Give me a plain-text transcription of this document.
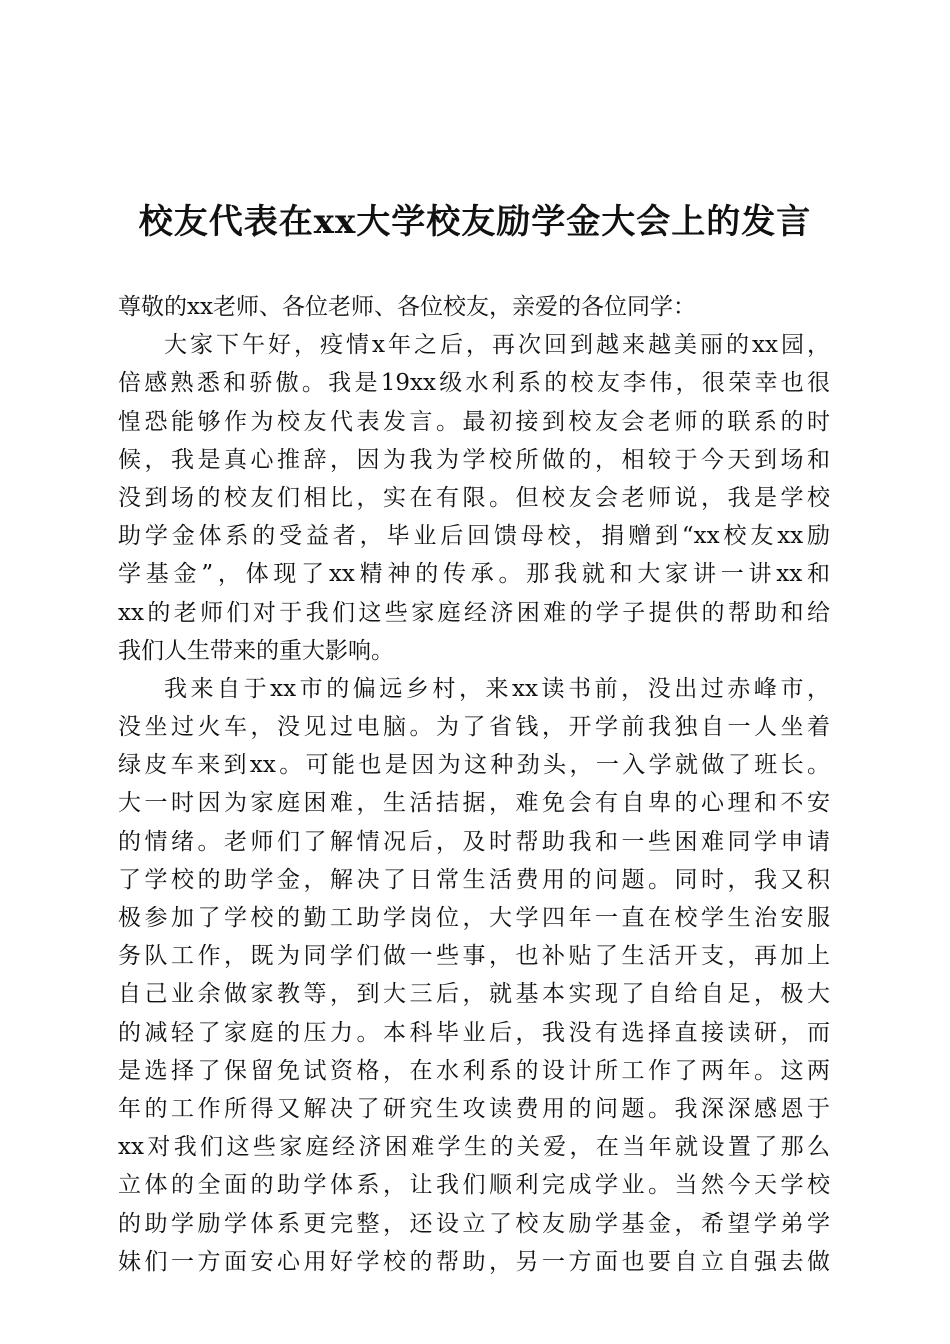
校友代表在xx大学校友励学金大会上的发言
尊敬的xx老师、各位老师、各位校友，亲爱的各位同学：
大家下午好，疫情x年之后，再次回到越来越美丽的xx园，
倍感熟悉和骄傲。我是19xx级水利系的校友李伟，很荣幸也很
惶恐能够作为校友代表发言。最初接到校友会老师的联系的时
候，我是真心推辞，因为我为学校所做的，相较于今天到场和
没到场的校友们相比，实在有限。但校友会老师说，我是学校
助学金体系的受益者，毕业后回馈母校，捐赠到“xx校友xx励
学基金”，体现了xx精神的传承。那我就和大家讲一讲xx和
xx的老师们对于我们这些家庭经济困难的学子提供的帮助和给
我们人生带来的重大影响。
我来自于xx市的偏远乡村，来xx读书前，没出过赤峰市，
没坐过火车，没见过电脑。为了省钱，开学前我独自一人坐着
绿皮车来到xx。可能也是因为这种劲头，一入学就做了班长。
大一时因为家庭困难，生活拮据，难免会有自卑的心理和不安
的情绪。老师们了解情况后，及时帮助我和一些困难同学申请
了学校的助学金，解决了日常生活费用的问题。同时，我又积
极参加了学校的勤工助学岗位，大学四年一直在校学生治安服
务队工作，既为同学们做一些事，也补贴了生活开支，再加上
自己业余做家教等，到大三后，就基本实现了自给自足，极大
的减轻了家庭的压力。本科毕业后，我没有选择直接读研，而
是选择了保留免试资格，在水利系的设计所工作了两年。这两
年的工作所得又解决了研究生攻读费用的问题。我深深感恩于
xx对我们这些家庭经济困难学生的关爱，在当年就设置了那么
立体的全面的助学体系，让我们顺利完成学业。当然今天学校
的助学励学体系更完整，还设立了校友励学基金，希望学弟学
妹们一方面安心用好学校的帮助，另一方面也要自立自强去做
